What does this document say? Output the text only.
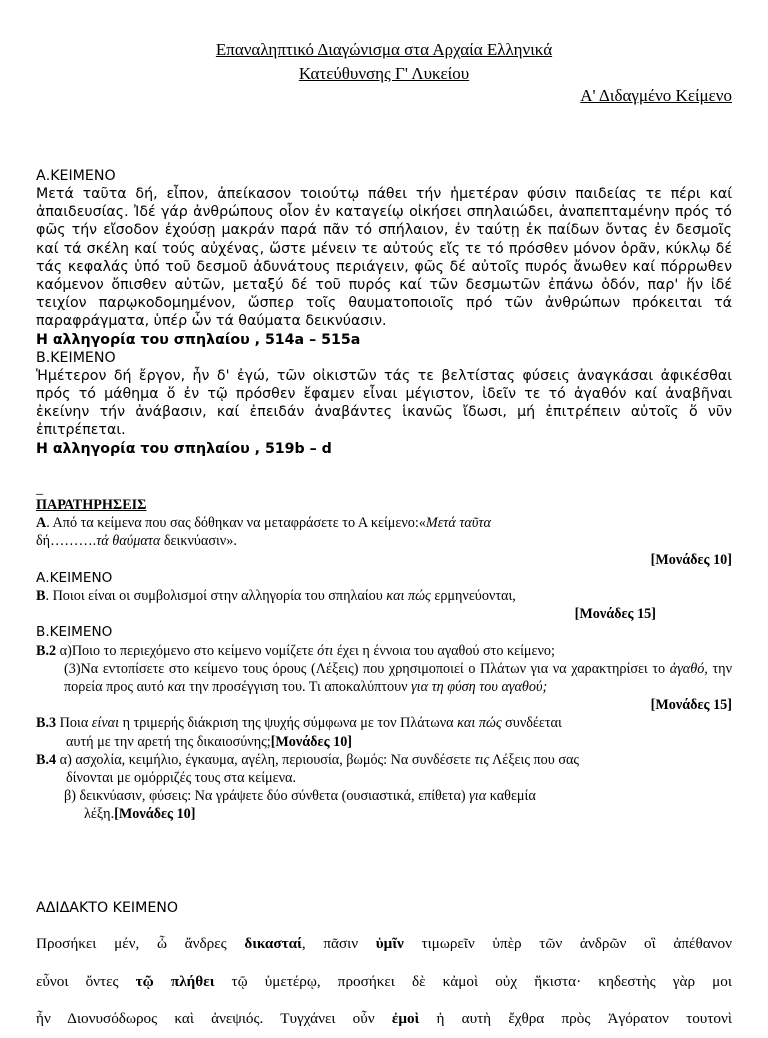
Επαναληπτικό Διαγώνισμα στα Αρχαία Ελληνικά
Κατεύθυνσης Γ' Λυκείου
Α' Διδαγμένο Κείμενο
Α.ΚΕΙΜΕΝΟ
Μετά ταῦτα δή, εἶπον, ἀπείκασον τοιούτῳ πάθει τήν ἡμετέραν φύσιν παιδείας τε πέρι καί ἀπαιδευσίας. Ἰδέ γάρ ἀνθρώπους οἷον ἐν καταγείῳ οἰκήσει σπηλαιώδει, ἀναπεπταμένην πρός τό φῶς τήν εἴσοδον ἐχούσῃ μακράν παρά πᾶν τό σπήλαιον, ἐν ταύτῃ ἐκ παίδων ὄντας ἐν δεσμοῖς καί τά σκέλη καί τούς αὐχένας, ὥστε μένειν τε αὐτούς εἴς τε τό πρόσθεν μόνον ὁρᾶν, κύκλῳ δέ τάς κεφαλάς ὑπό τοῦ δεσμοῦ ἀδυνάτους περιάγειν, φῶς δέ αὐτοῖς πυρός ἄνωθεν καί πόρρωθεν καόμενον ὄπισθεν αὐτῶν, μεταξύ δέ τοῦ πυρός καί τῶν δεσμωτῶν ἐπάνω ὁδόν, παρ' ἥν ἰδέ τειχίον παρῳκοδομημένον, ὥσπερ τοῖς θαυματοποιοῖς πρό τῶν ἀνθρώπων πρόκειται τά παραφράγματα, ὑπέρ ὧν τά θαύματα δεικνύασιν.
Η αλληγορία του σπηλαίου , 514a – 515a
Β.ΚΕΙΜΕΝΟ
Ἡμέτερον δή ἔργον, ἦν δ' ἐγώ, τῶν οἰκιστῶν τάς τε βελτίστας φύσεις ἀναγκάσαι ἀφικέσθαι πρός τό μάθημα ὅ ἐν τῷ πρόσθεν ἔφαμεν εἶναι μέγιστον, ἰδεῖν τε τό ἀγαθόν καί ἀναβῆναι ἐκείνην τήν ἀνάβασιν, καί ἐπειδάν ἀναβάντες ἱκανῶς ἴδωσι, μή ἐπιτρέπειν αὐτοῖς ὅ νῦν ἐπιτρέπεται.
Η αλληγορία του σπηλαίου , 519b – d

_

ΠΑΡΑΤΗΡΗΣΕΙΣ

Α. Από τα κείμενα που σας δόθηκαν να μεταφράσετε το Α κείμενο:«Μετά ταῦτα
δή……….τά θαύματα δεικνύασιν».

[Μονάδες 10]

Α.ΚΕΙΜΕΝΟ

Β. Ποιοι είναι οι συμβολισμοί στην αλληγορία του σπηλαίου και πώς ερμηνεύονται,

[Μονάδες 15]

Β.ΚΕΙΜΕΝΟ

Β.2 α)Ποιο το περιεχόμενο στο κείμενο νομίζετε ότι έχει η έννοια του αγαθού στο κείμενο;

(3)Να εντοπίσετε στο κείμενο τους όρους (Λέξεις) που χρησιμοποιεί ο Πλάτων για να χαρακτηρίσει το ἀγαθό, την πορεία προς αυτό και την προσέγγιση του. Τι αποκαλύπτουν για τη φύση του αγαθού;

[Μονάδες 15]

Β.3 Ποια είναι η τριμερής διάκριση της ψυχής σύμφωνα με τον Πλάτωνα και πώς συνδέεται

αυτή με την αρετή της δικαιοσύνης;[Μονάδες 10]

Β.4 α) ασχολία, κειμήλιο, έγκαυμα, αγέλη, περιουσία, βωμός: Να συνδέσετε τις Λέξεις που σας

δίνονται με ομόρριζές τους στα κείμενα.

β) δεικνύασιν, φύσεις: Να γράψετε δύο σύνθετα (ουσιαστικά, επίθετα) για καθεμία

λέξη.[Μονάδες 10]

ΑΔΙΔΑΚΤΟ ΚΕΙΜΕΝΟ
Προσήκει μέν, ὦ ἄνδρες δικασταί, πᾶσιν ὑμῖν τιμωρεῖν ὑπὲρ τῶν ἀνδρῶν οἳ ἀπέθανον
εὖνοι ὄντες τῷ πλήθει τῷ ὑμετέρῳ, προσήκει δὲ κἀμοὶ οὐχ ἥκιστα· κηδεστὴς γὰρ μοι
ἦν Διονυσόδωρος καὶ ἀνεψιός. Τυγχάνει οὖν ἐμοὶ ἡ αυτὴ ἔχθρα πρὸς Ἀγόρατον τουτονὶ
